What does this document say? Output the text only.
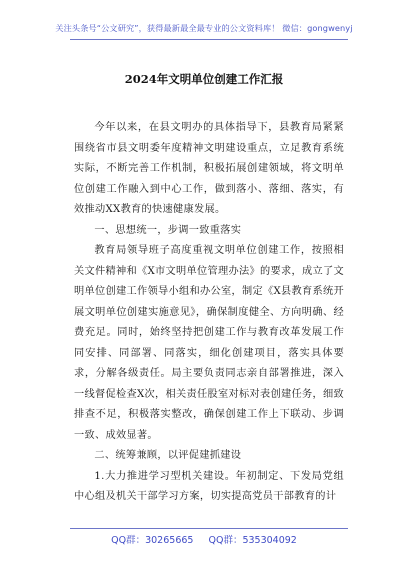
关注头条号“公文研究”，获得最新最全最专业的公文资料库！ 微信：gongwenyj
2024年文明单位创建工作汇报

今年以来，在县文明办的具体指导下，县教育局紧紧围绕省市县文明委年度精神文明建设重点，立足教育系统实际，不断完善工作机制，积极拓展创建领域，将文明单位创建工作融入到中心工作，做到落小、落细、落实，有效推动XX教育的快速健康发展。

一、思想统一，步调一致重落实

教育局领导班子高度重视文明单位创建工作，按照相关文件精神和《X市文明单位管理办法》的要求，成立了文明单位创建工作领导小组和办公室，制定《X县教育系统开展文明单位创建实施意见》，确保制度健全、方向明确、经费充足。同时，始终坚持把创建工作与教育改革发展工作同安排、同部署、同落实，细化创建项目，落实具体要求，分解各级责任。局主要负责同志亲自部署推进，深入一线督促检查X次，相关责任股室对标对表创建任务，细致排查不足，积极落实整改，确保创建工作上下联动、步调一致、成效显著。

二、统筹兼顾，以评促建抓建设

1.大力推进学习型机关建设。年初制定、下发局党组中心组及机关干部学习方案，切实提高党员干部教育的计

QQ群：30265665 QQ群：535304092
